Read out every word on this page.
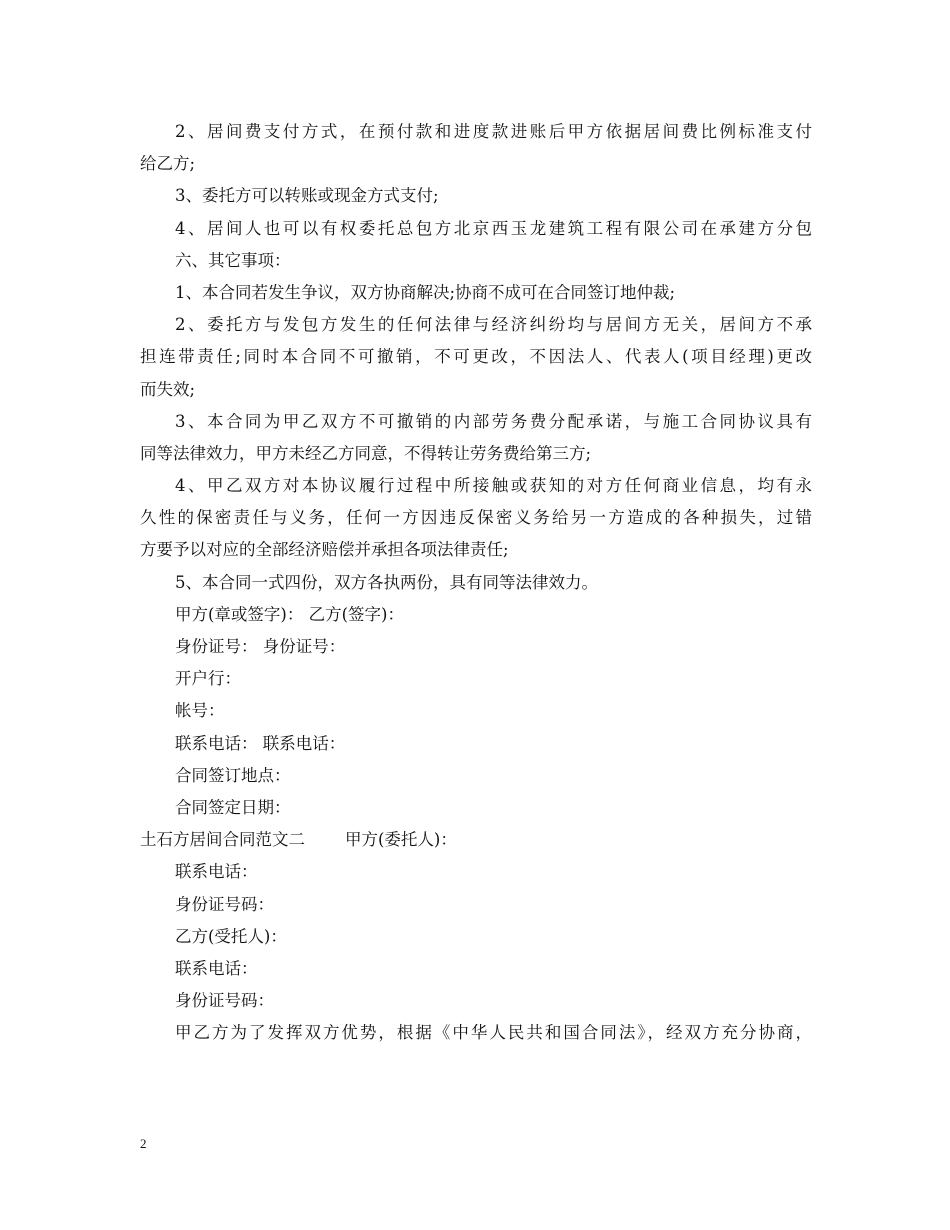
2、居间费支付方式，在预付款和进度款进账后甲方依据居间费比例标准支付
给乙方;
3、委托方可以转账或现金方式支付;
4、居间人也可以有权委托总包方北京西玉龙建筑工程有限公司在承建方分包
六、其它事项：
1、本合同若发生争议，双方协商解决;协商不成可在合同签订地仲裁;
2、委托方与发包方发生的任何法律与经济纠纷均与居间方无关，居间方不承
担连带责任;同时本合同不可撤销，不可更改，不因法人、代表人(项目经理)更改
而失效;
3、本合同为甲乙双方不可撤销的内部劳务费分配承诺，与施工合同协议具有
同等法律效力，甲方未经乙方同意，不得转让劳务费给第三方;
4、甲乙双方对本协议履行过程中所接触或获知的对方任何商业信息，均有永
久性的保密责任与义务，任何一方因违反保密义务给另一方造成的各种损失，过错
方要予以对应的全部经济赔偿并承担各项法律责任;
5、本合同一式四份，双方各执两份，具有同等法律效力。
甲方(章或签字)： 乙方(签字)：
身份证号： 身份证号：
开户行：
帐号：
联系电话： 联系电话：
合同签订地点：
合同签定日期：
土石方居间合同范文二 甲方(委托人)：
联系电话：
身份证号码：
乙方(受托人)：
联系电话：
身份证号码：
甲乙方为了发挥双方优势，根据《中华人民共和国合同法》，经双方充分协商，
2
